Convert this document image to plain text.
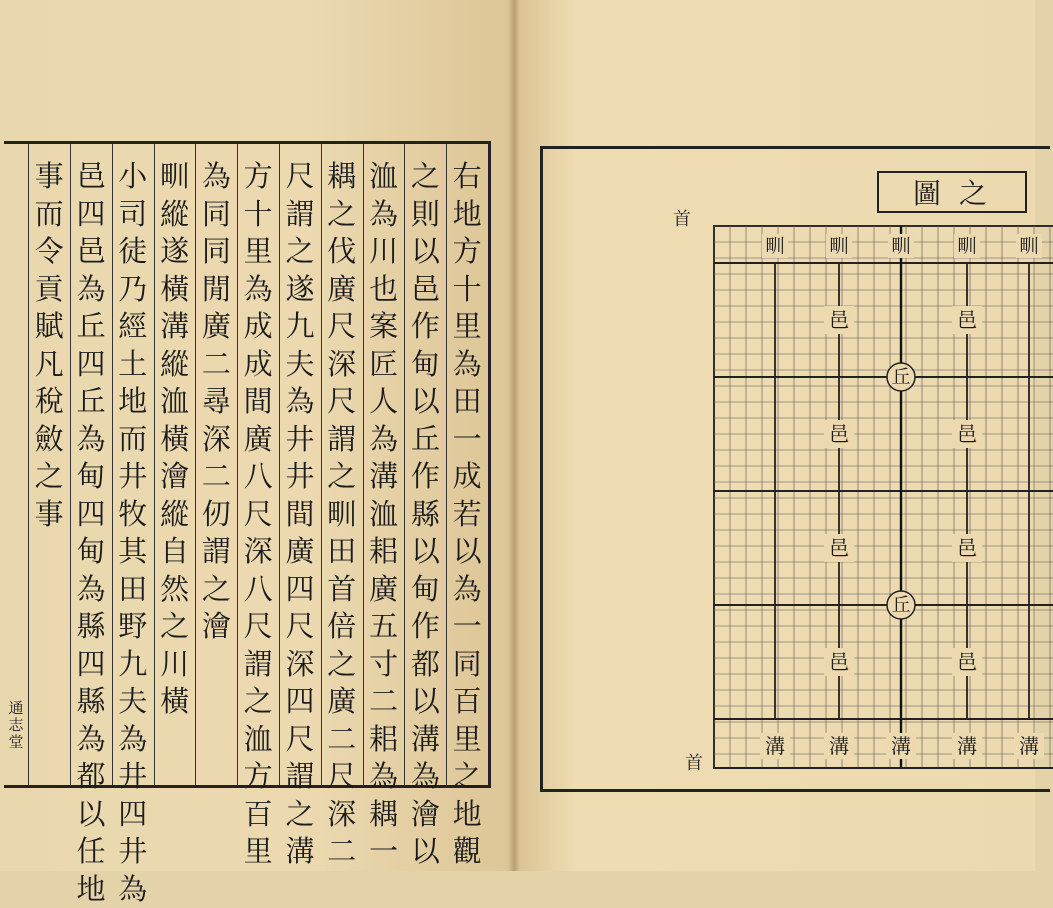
右
地
方
十
里
為
田
一
成
若
以
為
一
同
百
里
之
地
觀
之
則
以
邑
作
甸
以
丘
作
縣
以
甸
作
都
以
溝
為
澮
以
洫
為
川
也
案
匠
人
為
溝
洫
耜
廣
五
寸
二
耜
為
耦
一
耦
之
伐
廣
尺
深
尺
謂
之
甽
田
首
倍
之
廣
二
尺
深
二
尺
謂
之
遂
九
夫
為
井
井
間
廣
四
尺
深
四
尺
謂
之
溝
方
十
里
為
成
成
間
廣
八
尺
深
八
尺
謂
之
洫
方
百
里
為
同
同
閒
廣
二
尋
深
二
仞
謂
之
澮
甽
縱
遂
橫
溝
縱
洫
橫
澮
縱
自
然
之
川
橫
小
司
徒
乃
經
土
地
而
井
牧
其
田
野
九
夫
為
井
四
井
為
邑
四
邑
為
丘
四
丘
為
甸
四
甸
為
縣
四
縣
為
都
以
任
地
事
而
令
貢
賦
凡
稅
斂
之
事
通
志
堂
圖 之
首
首
甽 甽 甽 甽 甽
邑	邑
邑	邑
邑	邑
邑	邑
丘
丘
溝 溝 溝 溝 溝
